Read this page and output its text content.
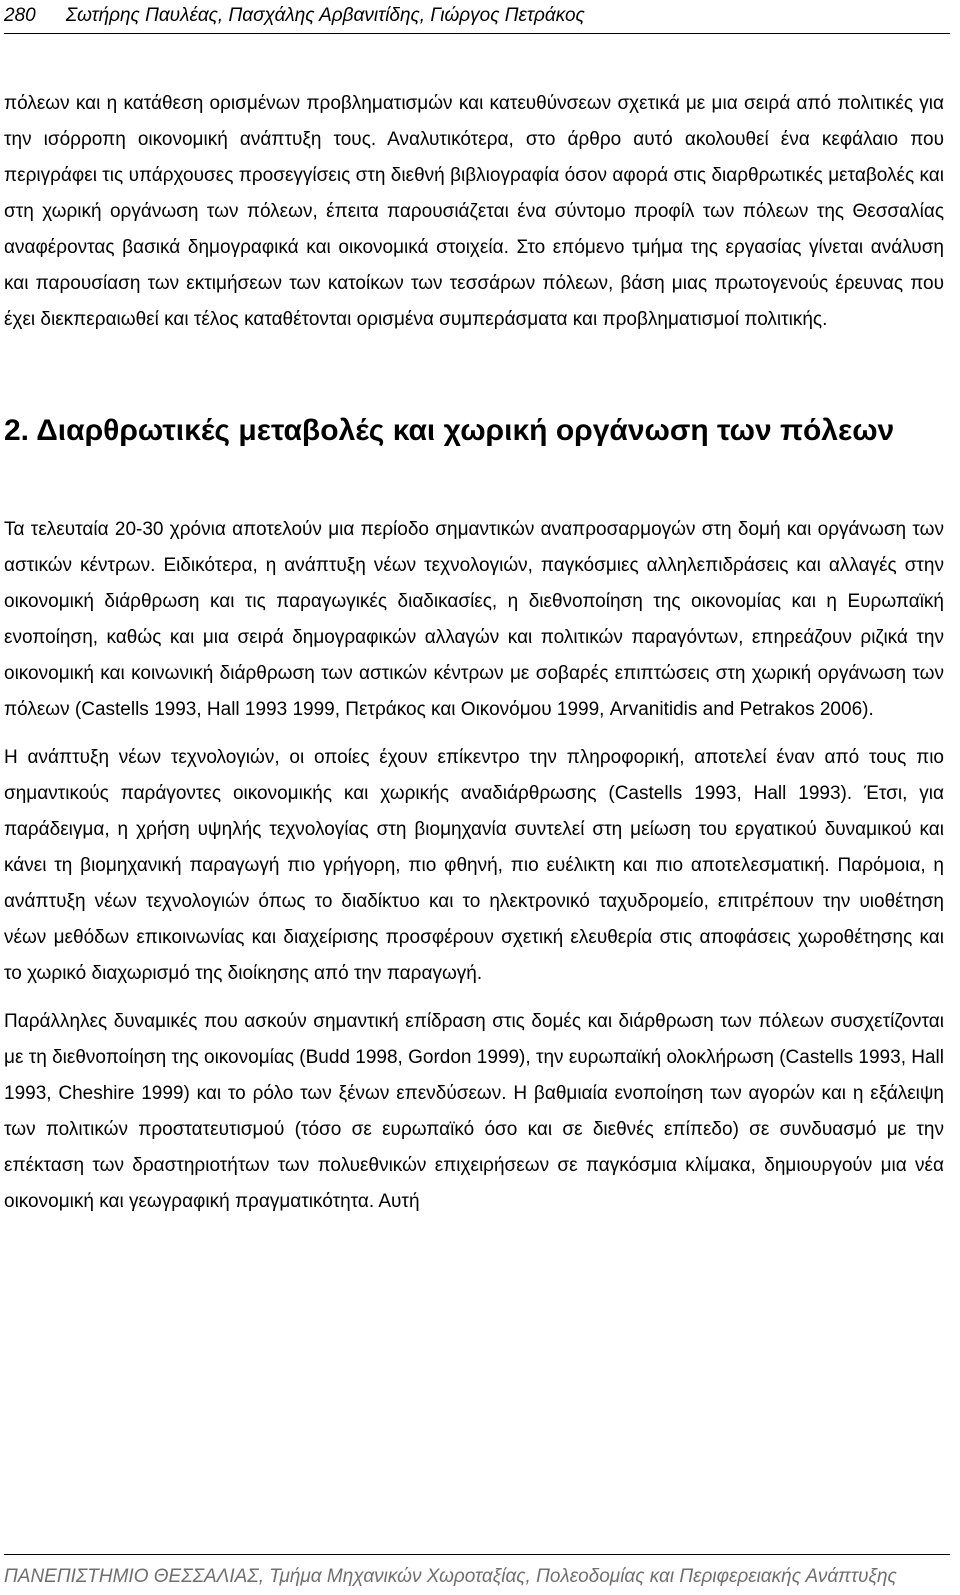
280 Σωτήρης Παυλέας, Πασχάλης Αρβανιτίδης, Γιώργος Πετράκος

πόλεων και η κατάθεση ορισμένων προβληματισμών και κατευθύνσεων σχετικά με μια σειρά από πολιτικές για την ισόρροπη οικονομική ανάπτυξη τους. Αναλυτικότερα, στο άρθρο αυτό ακολουθεί ένα κεφάλαιο που περιγράφει τις υπάρχουσες προσεγγίσεις στη διεθνή βιβλιογραφία όσον αφορά στις διαρθρωτικές μεταβολές και στη χωρική οργάνωση των πόλεων, έπειτα παρουσιάζεται ένα σύντομο προφίλ των πόλεων της Θεσσαλίας αναφέροντας βασικά δημογραφικά και οικονομικά στοιχεία. Στο επόμενο τμήμα της εργασίας γίνεται ανάλυση και παρουσίαση των εκτιμήσεων των κατοίκων των τεσσάρων πόλεων, βάση μιας πρωτογενούς έρευνας που έχει διεκπεραιωθεί και τέλος καταθέτονται ορισμένα συμπεράσματα και προβληματισμοί πολιτικής.

2. Διαρθρωτικές μεταβολές και χωρική οργάνωση των πόλεων

Τα τελευταία 20-30 χρόνια αποτελούν μια περίοδο σημαντικών αναπροσαρμογών στη δομή και οργάνωση των αστικών κέντρων. Ειδικότερα, η ανάπτυξη νέων τεχνολογιών, παγκόσμιες αλληλεπιδράσεις και αλλαγές στην οικονομική διάρθρωση και τις παραγωγικές διαδικασίες, η διεθνοποίηση της οικονομίας και η Ευρωπαϊκή ενοποίηση, καθώς και μια σειρά δημογραφικών αλλαγών και πολιτικών παραγόντων, επηρεάζουν ριζικά την οικονομική και κοινωνική διάρθρωση των αστικών κέντρων με σοβαρές επιπτώσεις στη χωρική οργάνωση των πόλεων (Castells 1993, Hall 1993 1999, Πετράκος και Οικονόμου 1999, Arvanitidis and Petrakos 2006).

Η ανάπτυξη νέων τεχνολογιών, οι οποίες έχουν επίκεντρο την πληροφορική, αποτελεί έναν από τους πιο σημαντικούς παράγοντες οικονομικής και χωρικής αναδιάρθρωσης (Castells 1993, Hall 1993). Έτσι, για παράδειγμα, η χρήση υψηλής τεχνολογίας στη βιομηχανία συντελεί στη μείωση του εργατικού δυναμικού και κάνει τη βιομηχανική παραγωγή πιο γρήγορη, πιο φθηνή, πιο ευέλικτη και πιο αποτελεσματική. Παρόμοια, η ανάπτυξη νέων τεχνολογιών όπως το διαδίκτυο και το ηλεκτρονικό ταχυδρομείο, επιτρέπουν την υιοθέτηση νέων μεθόδων επικοινωνίας και διαχείρισης προσφέρουν σχετική ελευθερία στις αποφάσεις χωροθέτησης και το χωρικό διαχωρισμό της διοίκησης από την παραγωγή.

Παράλληλες δυναμικές που ασκούν σημαντική επίδραση στις δομές και διάρθρωση των πόλεων συσχετίζονται με τη διεθνοποίηση της οικονομίας (Budd 1998, Gordon 1999), την ευρωπαϊκή ολοκλήρωση (Castells 1993, Hall 1993, Cheshire 1999) και το ρόλο των ξένων επενδύσεων. Η βαθμιαία ενοποίηση των αγορών και η εξάλειψη των πολιτικών προστατευτισμού (τόσο σε ευρωπαϊκό όσο και σε διεθνές επίπεδο) σε συνδυασμό με την επέκταση των δραστηριοτήτων των πολυεθνικών επιχειρήσεων σε παγκόσμια κλίμακα, δημιουργούν μια νέα οικονομική και γεωγραφική πραγματικότητα. Αυτή

ΠΑΝΕΠΙΣΤΗΜΙΟ ΘΕΣΣΑΛΙΑΣ, Τμήμα Μηχανικών Χωροταξίας, Πολεοδομίας και Περιφερειακής Ανάπτυξης
